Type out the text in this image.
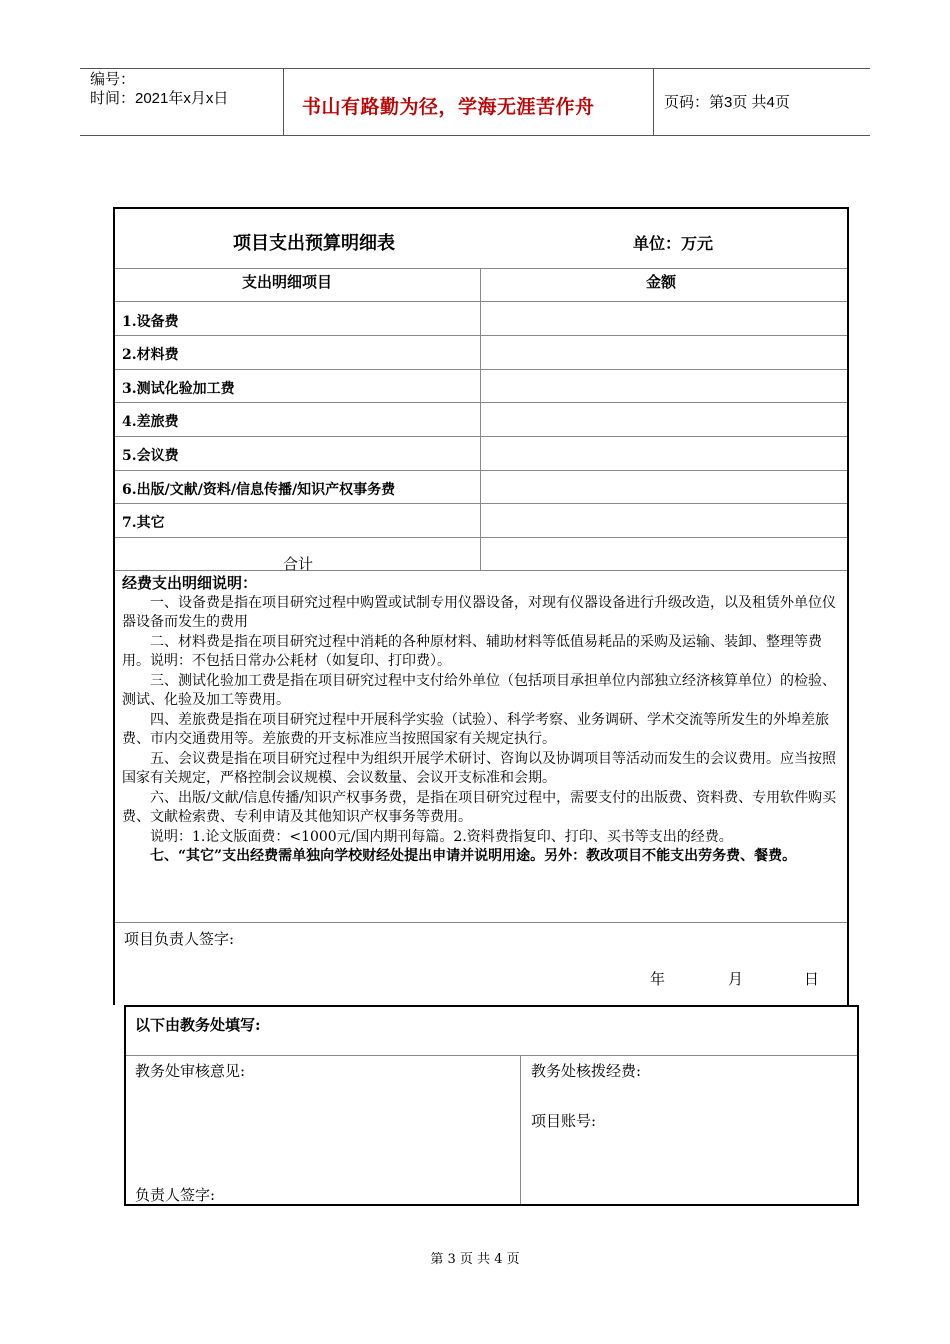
编号：
时间：2021年x月x日	书山有路勤为径，学海无涯苦作舟	页码：第3页 共4页
项目支出预算明细表	单位：万元
支出明细项目	金额
1.设备费
2.材料费
3.测试化验加工费
4.差旅费
5.会议费
6.出版/文献/资料/信息传播/知识产权事务费
7.其它
合计

经费支出明细说明：

一、设备费是指在项目研究过程中购置或试制专用仪器设备，对现有仪器设备进行升级改造，以及租赁外单位仪器设备而发生的费用

二、材料费是指在项目研究过程中消耗的各种原材料、辅助材料等低值易耗品的采购及运输、装卸、整理等费用。说明：不包括日常办公耗材（如复印、打印费）。

三、测试化验加工费是指在项目研究过程中支付给外单位（包括项目承担单位内部独立经济核算单位）的检验、测试、化验及加工等费用。

四、差旅费是指在项目研究过程中开展科学实验（试验）、科学考察、业务调研、学术交流等所发生的外埠差旅费、市内交通费用等。差旅费的开支标准应当按照国家有关规定执行。

五、会议费是指在项目研究过程中为组织开展学术研讨、咨询以及协调项目等活动而发生的会议费用。应当按照国家有关规定，严格控制会议规模、会议数量、会议开支标准和会期。

六、出版/文献/信息传播/知识产权事务费，是指在项目研究过程中，需要支付的出版费、资料费、专用软件购买费、文献检索费、专利申请及其他知识产权事务等费用。

说明：1.论文版面费：<1000元/国内期刊每篇。2.资料费指复印、打印、买书等支出的经费。

七、“其它”支出经费需单独向学校财经处提出申请并说明用途。另外：教改项目不能支出劳务费、餐费。

项目负责人签字:
年	月	日
以下由教务处填写:
教务处审核意见:
负责人签字:
教务处核拨经费:
项目账号:
第 3 页 共 4 页
